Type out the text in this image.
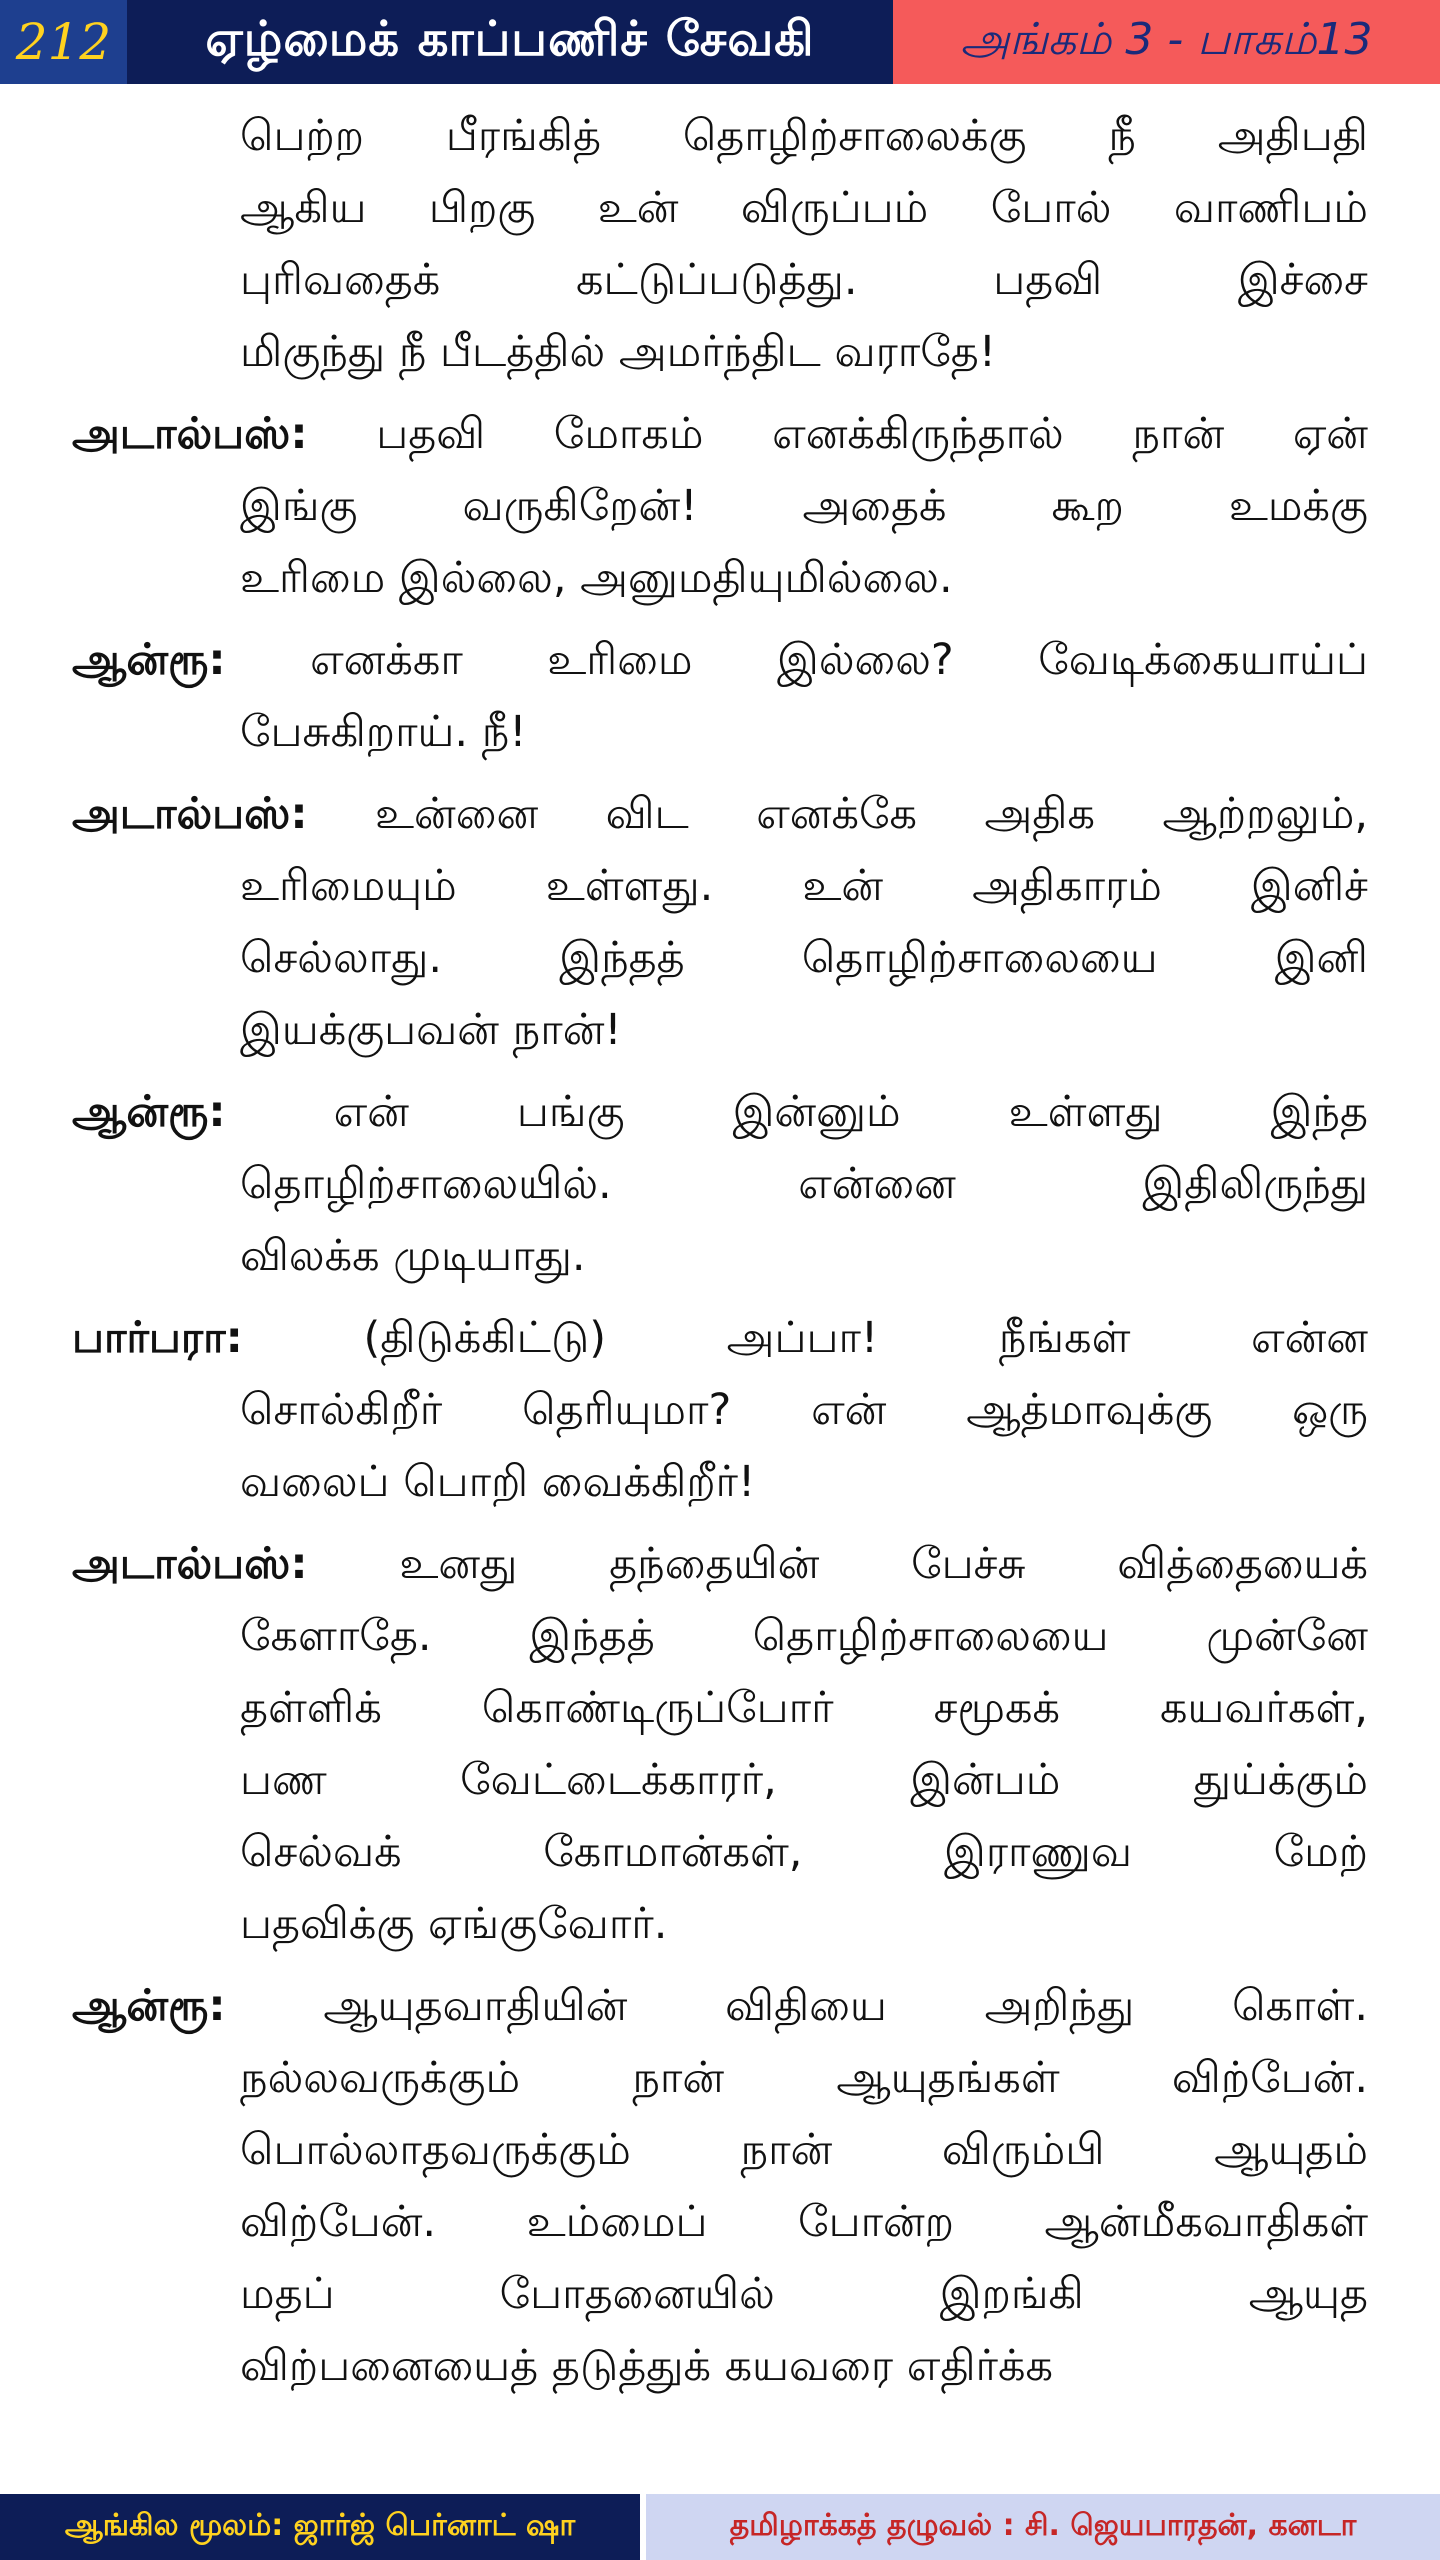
212	ஏழ்மைக் காப்பணிச் சேவகி	அங்கம் 3 - பாகம்13
பெற்ற பீரங்கித் தொழிற்சாலைக்கு நீ அதிபதி
ஆகிய பிறகு உன் விருப்பம் போல் வாணிபம்
புரிவதைக் கட்டுப்படுத்து. பதவி இச்சை
மிகுந்து நீ பீடத்தில் அமர்ந்திட வராதே!
அடால்பஸ்: பதவி மோகம் எனக்கிருந்தால் நான் ஏன்
இங்கு வருகிறேன்! அதைக் கூற உமக்கு
உரிமை இல்லை, அனுமதியுமில்லை.
ஆன்ரூ: எனக்கா உரிமை இல்லை? வேடிக்கையாய்ப்
பேசுகிறாய். நீ!
அடால்பஸ்: உன்னை விட எனக்கே அதிக ஆற்றலும்,
உரிமையும் உள்ளது. உன் அதிகாரம் இனிச்
செல்லாது. இந்தத் தொழிற்சாலையை இனி
இயக்குபவன் நான்!
ஆன்ரூ:	என் பங்கு இன்னும் உள்ளது இந்த
தொழிற்சாலையில். என்னை இதிலிருந்து
விலக்க முடியாது.
பார்பரா:	(திடுக்கிட்டு) அப்பா! நீங்கள் என்ன
சொல்கிறீர் தெரியுமா? என் ஆத்மாவுக்கு ஒரு
வலைப் பொறி வைக்கிறீர்!
அடால்பஸ்: உனது தந்தையின் பேச்சு வித்தையைக்
கேளாதே. இந்தத் தொழிற்சாலையை முன்னே
தள்ளிக் கொண்டிருப்போர் சமூகக் கயவர்கள்,
பண வேட்டைக்காரர், இன்பம் துய்க்கும்
செல்வக் கோமான்கள், இராணுவ மேற்
பதவிக்கு ஏங்குவோர்.
ஆன்ரூ: ஆயுதவாதியின் விதியை அறிந்து கொள்.
நல்லவருக்கும் நான் ஆயுதங்கள் விற்பேன்.
பொல்லாதவருக்கும் நான் விரும்பி ஆயுதம்
விற்பேன். உம்மைப் போன்ற ஆன்மீகவாதிகள்
மதப் போதனையில் இறங்கி ஆயுத
விற்பனையைத் தடுத்துக் கயவரை எதிர்க்க
ஆங்கில மூலம்: ஜார்ஜ் பெர்னாட் ஷா	தமிழாக்கத் தழுவல் : சி. ஜெயபாரதன், கனடா
